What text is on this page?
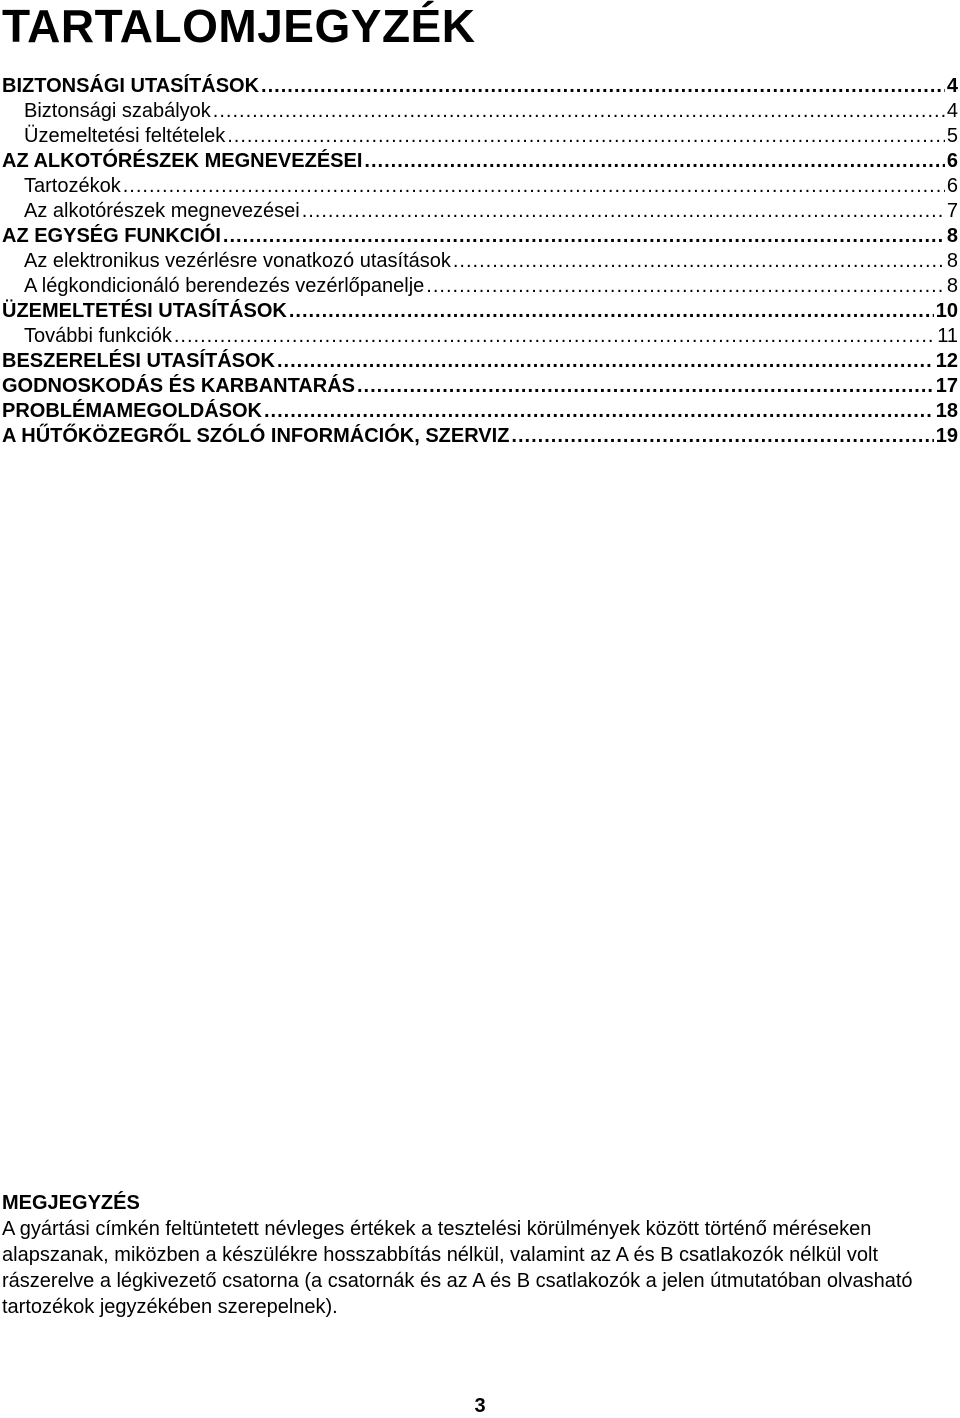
TARTALOMJEGYZÉK
BIZTONSÁGI UTASÍTÁSOK .....	4
Biztonsági szabályok .....	4
Üzemeltetési feltételek .....	5
AZ ALKOTÓRÉSZEK MEGNEVEZÉSEI .....	6
Tartozékok .....	6
Az alkotórészek megnevezései .....	7
AZ EGYSÉG FUNKCIÓI .....	8
Az elektronikus vezérlésre vonatkozó utasítások .....	8
A légkondicionáló berendezés vezérlőpanelje .....	8
ÜZEMELTETÉSI UTASÍTÁSOK .....	10
További funkciók .....	11
BESZERELÉSI UTASÍTÁSOK .....	12
GODNOSKODÁS ÉS KARBANTARÁS .....	17
PROBLÉMAMEGOLDÁSOK .....	18
A HŰTŐKÖZEGRŐL SZÓLÓ INFORMÁCIÓK, SZERVIZ .....	19
MEGJEGYZÉS
A gyártási címkén feltüntetett névleges értékek a tesztelési körülmények között történő méréseken alapszanak, miközben a készülékre hosszabbítás nélkül, valamint az A és B csatlakozók nélkül volt rászerelve a légkivezető csatorna (a csatornák és az A és B csatlakozók a jelen útmutatóban olvasható tartozékok jegyzékében szerepelnek).
3
